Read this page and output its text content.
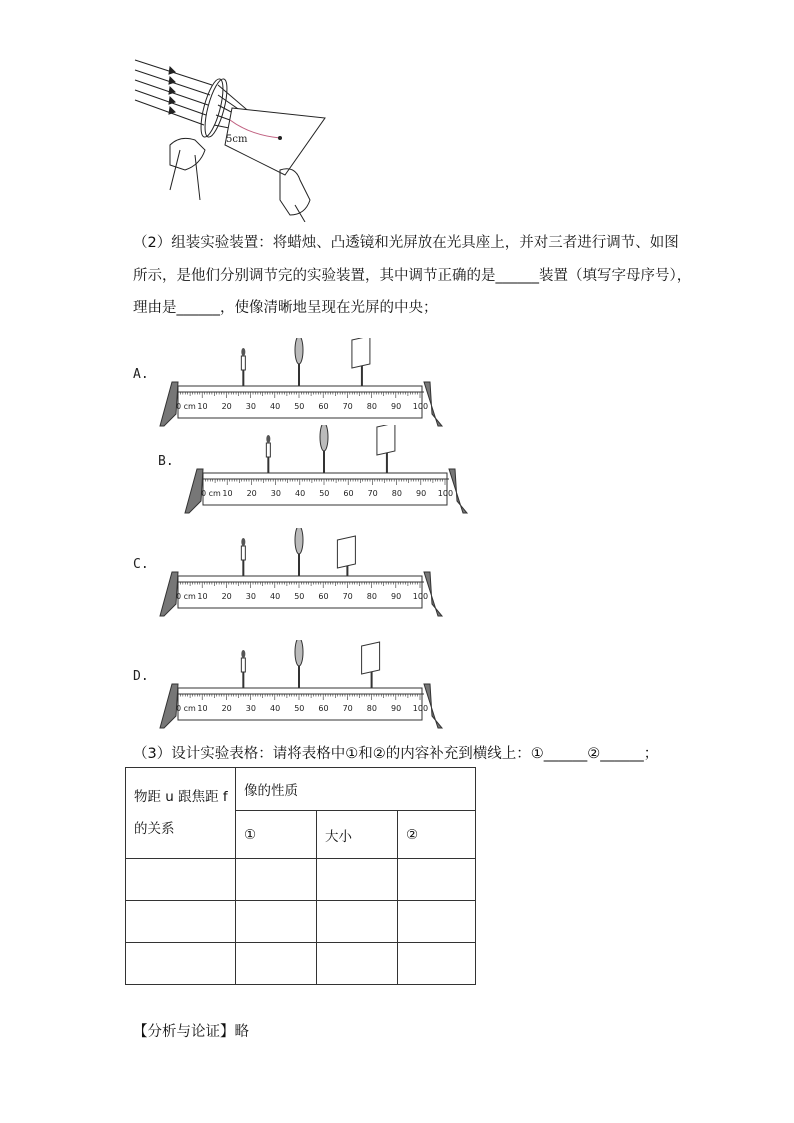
5cm
（2）组装实验装置：将蜡烛、凸透镜和光屏放在光具座上，并对三者进行调节、如图
所示，是他们分别调节完的实验装置，其中调节正确的是______装置（填写字母序号），
理由是______，使像清晰地呈现在光屏的中央；
A.
0 cm 10 20 30 40 50 60 70 80 90 100
B.
0 cm 10 20 30 40 50 60 70 80 90 100
C.
0 cm 10 20 30 40 50 60 70 80 90 100
D.
0 cm 10 20 30 40 50 60 70 80 90 100
（3）设计实验表格：请将表格中①和②的内容补充到横线上：①______②______；
物距 u 跟焦距 f
的关系	像的性质		
	①	大小	②

【分析与论证】略
